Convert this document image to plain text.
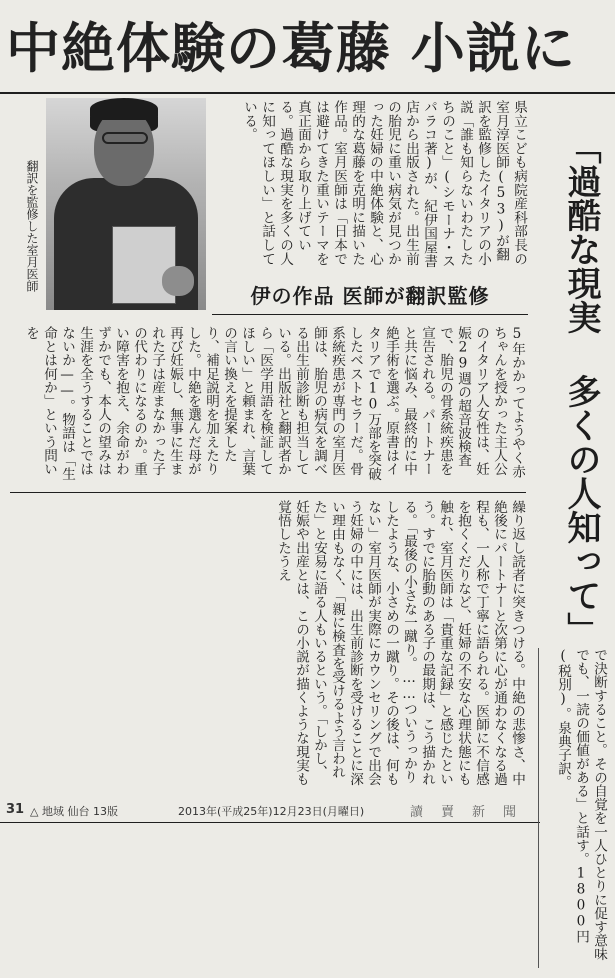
中絶体験の葛藤 小説に
翻訳を監修した室月医師	県立こども病院産科部長の室月淳医師(53)が翻訳を監修したイタリアの小説「誰も知らないわたしたちのこと」(シモーナ・スパラコ著)が、紀伊国屋書店から出版された。出生前の胎児に重い病気が見つかった妊婦の中絶体験と、心理的な葛藤を克明に描いた作品。室月医師は「日本では避けてきた重いテーマを真正面から取り上げている。過酷な現実を多くの人に知ってほしい」と話している。
「過酷な現実 多くの人知って」
伊の作品 医師が翻訳監修
5年かかってようやく赤ちゃんを授かった主人公のイタリア人女性は、妊娠29週の超音波検査で、胎児の骨系統疾患を宣告される。パートナーと共に悩み、最終的に中絶手術を選ぶ。原書はイタリアで10万部を突破したベストセラーだ。骨系統疾患が専門の室月医師は、胎児の病気を調べる出生前診断も担当している。出版社と翻訳者から「医学用語を検証してほしい」と頼まれ、言葉の言い換えを提案したり、補足説明を加えたりした。中絶を選んだ母が再び妊娠し、無事に生まれた子は産まなかった子の代わりになるのか。重い障害を抱え、余命がわずかでも、本人の望みは生涯を全うすることではないか——。物語は「生命とは何か」という問いを
繰り返し読者に突きつける。中絶の悲惨さ、中絶後にパートナーと次第に心が通わなくなる過程も、一人称で丁寧に語られる。医師に不信感を抱くくだりなど、妊婦の不安な心理状態にも触れ、室月医師は「貴重な記録」と感じたという。すでに胎動のある子の最期は、こう描かれる。「最後の小さな一蹴り。……ついうっかりしたような、小さめの一蹴り。その後は、何もない」室月医師が実際にカウンセリングで出会う妊婦の中には、出生前診断を受けることに深い理由もなく、「親に検査を受けるよう言われた」と安易に語る人もいるという。「しかし、妊娠や出産とは、この小説が描くような現実も覚悟したうえ
31 △ 地域 仙台 13版	2013年(平成25年)12月23日(月曜日)	讀賣新聞	で決断すること。その自覚を一人ひとりに促す意味でも、一読の価値がある」と話す。1800円(税別)。泉典子訳。
